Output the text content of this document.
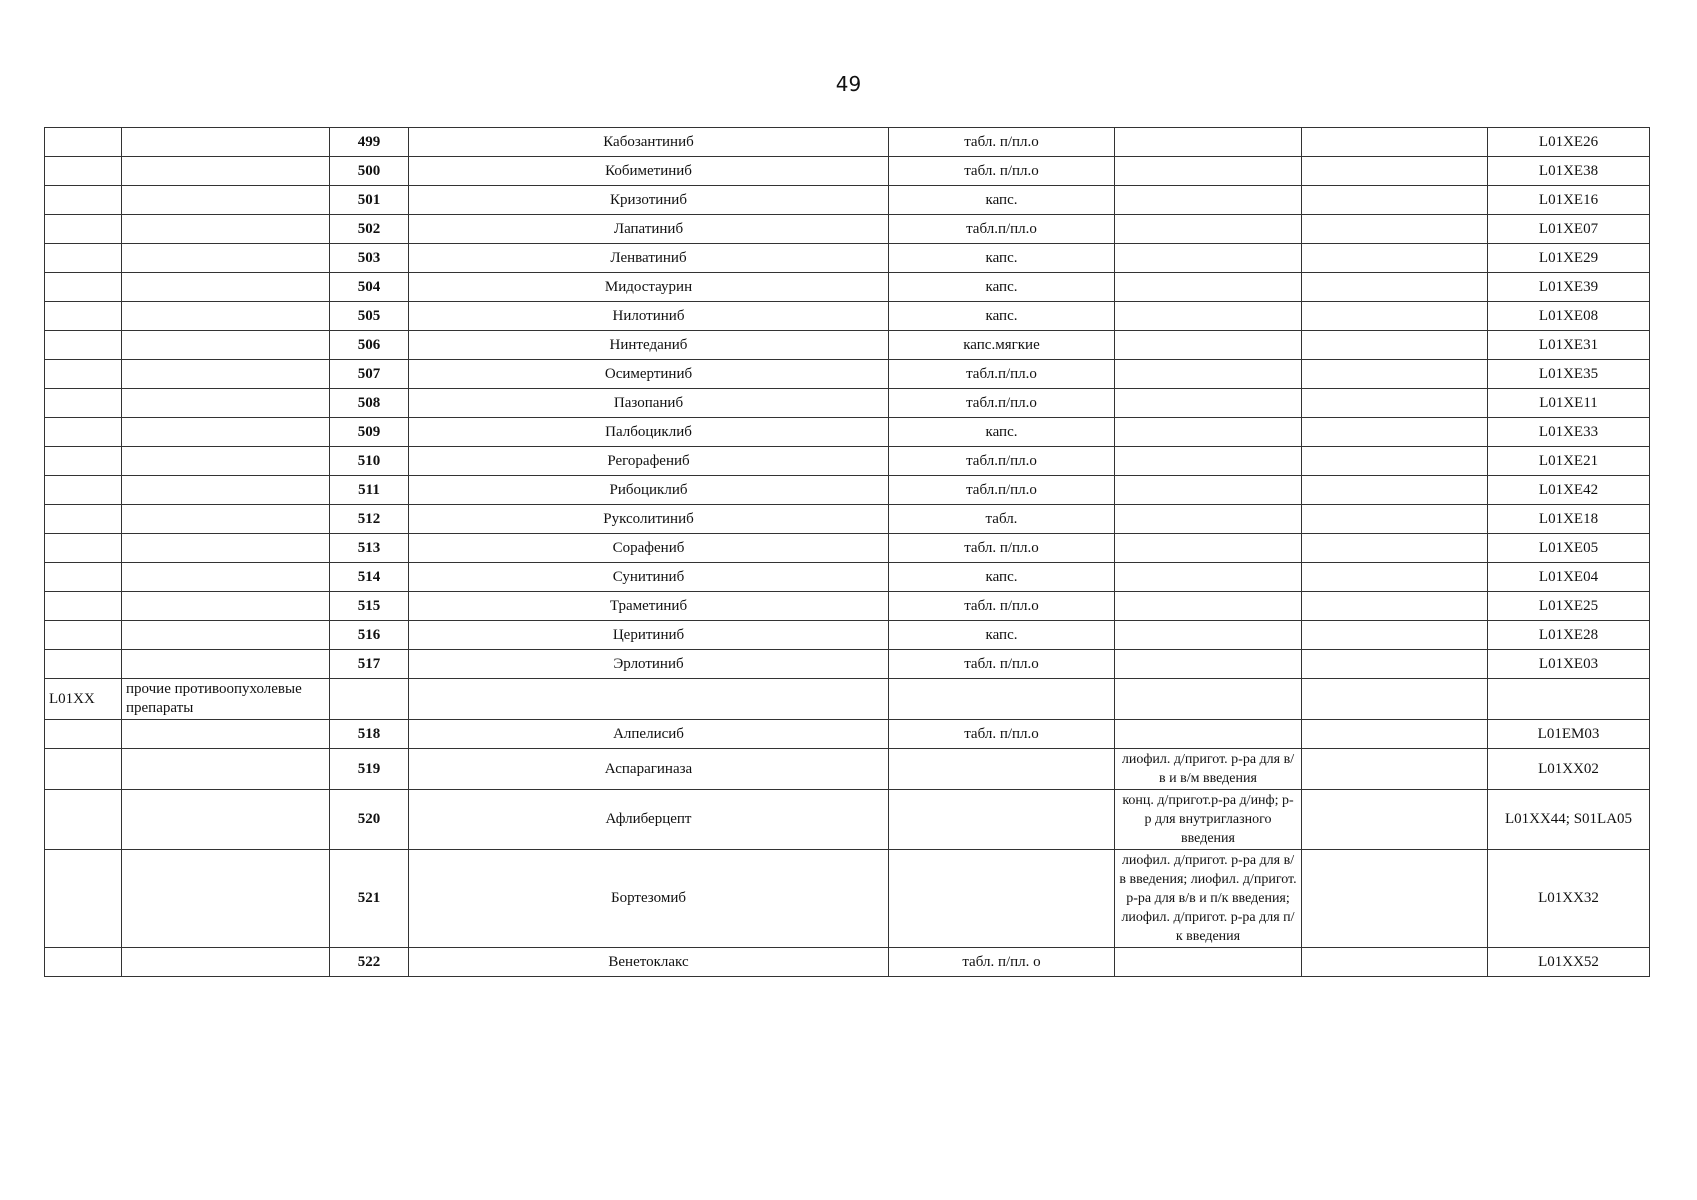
49
		499	Кабозантиниб	табл. п/пл.о			L01XE26
		500	Кобиметиниб	табл. п/пл.о			L01XE38
		501	Кризотиниб	капс.			L01XE16
		502	Лапатиниб	табл.п/пл.о			L01XE07
		503	Ленватиниб	капс.			L01XE29
		504	Мидостаурин	капс.			L01XE39
		505	Нилотиниб	капс.			L01XE08
		506	Нинтеданиб	капс.мягкие			L01XE31
		507	Осимертиниб	табл.п/пл.о			L01XE35
		508	Пазопаниб	табл.п/пл.о			L01XE11
		509	Палбоциклиб	капс.			L01XE33
		510	Регорафениб	табл.п/пл.о			L01XE21
		511	Рибоциклиб	табл.п/пл.о			L01XE42
		512	Руксолитиниб	табл.			L01XE18
		513	Сорафениб	табл. п/пл.о			L01XE05
		514	Сунитиниб	капс.			L01XE04
		515	Траметиниб	табл. п/пл.о			L01XE25
		516	Церитиниб	капс.			L01XE28
		517	Эрлотиниб	табл. п/пл.о			L01XE03
L01XX	прочие противоопухолевые препараты						
		518	Алпелисиб	табл. п/пл.о			L01EM03
		519	Аспарагиназа		лиофил. д/пригот. р-ра для в/в и в/м введения		L01XX02
		520	Афлиберцепт		конц. д/пригот.р-ра д/инф; р-р для внутриглазного введения		L01XX44; S01LA05
		521	Бортезомиб		лиофил. д/пригот. р-ра для в/в введения; лиофил. д/пригот. р-ра для в/в и п/к введения; лиофил. д/пригот. р-ра для п/к введения		L01XX32
		522	Венетоклакс	табл. п/пл. о			L01XX52
